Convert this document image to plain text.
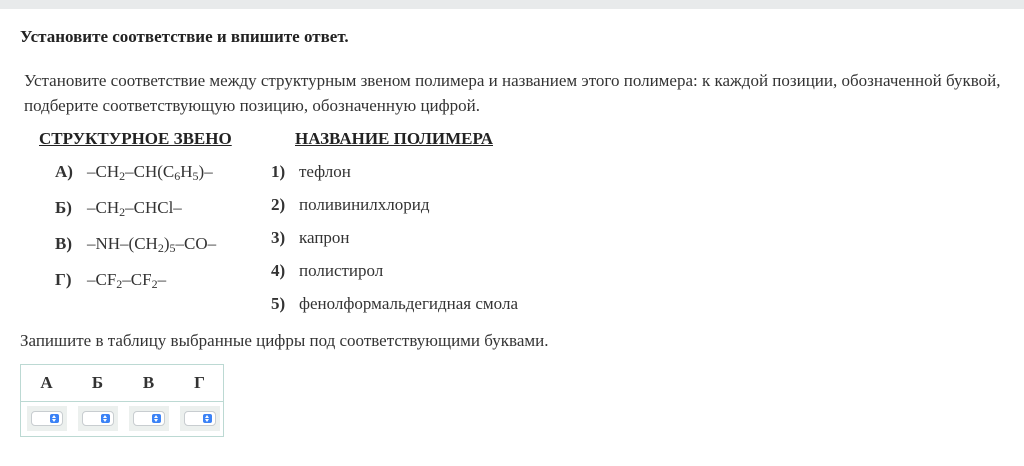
Установите соответствие и впишите ответ.
Установите соответствие между структурным звеном полимера и названием этого полимера: к каждой позиции, обозначенной буквой, подберите соответствующую позицию, обозначенную цифрой.
СТРУКТУРНОЕ ЗВЕНО	НАЗВАНИЕ ПОЛИМЕРА
А) $-CH_2-CH(C_6H_5)-$
Б) $-CH_2-CHCl-$
В) $-NH-(CH_2)_5-CO-$
Г) $-CF_2-CF_2-$
1) тефлон
2) поливинилхлорид
3) капрон
4) полистирол
5) фенолформальдегидная смола
Запишите в таблицу выбранные цифры под соответствующими буквами.
А	Б	В	Г
